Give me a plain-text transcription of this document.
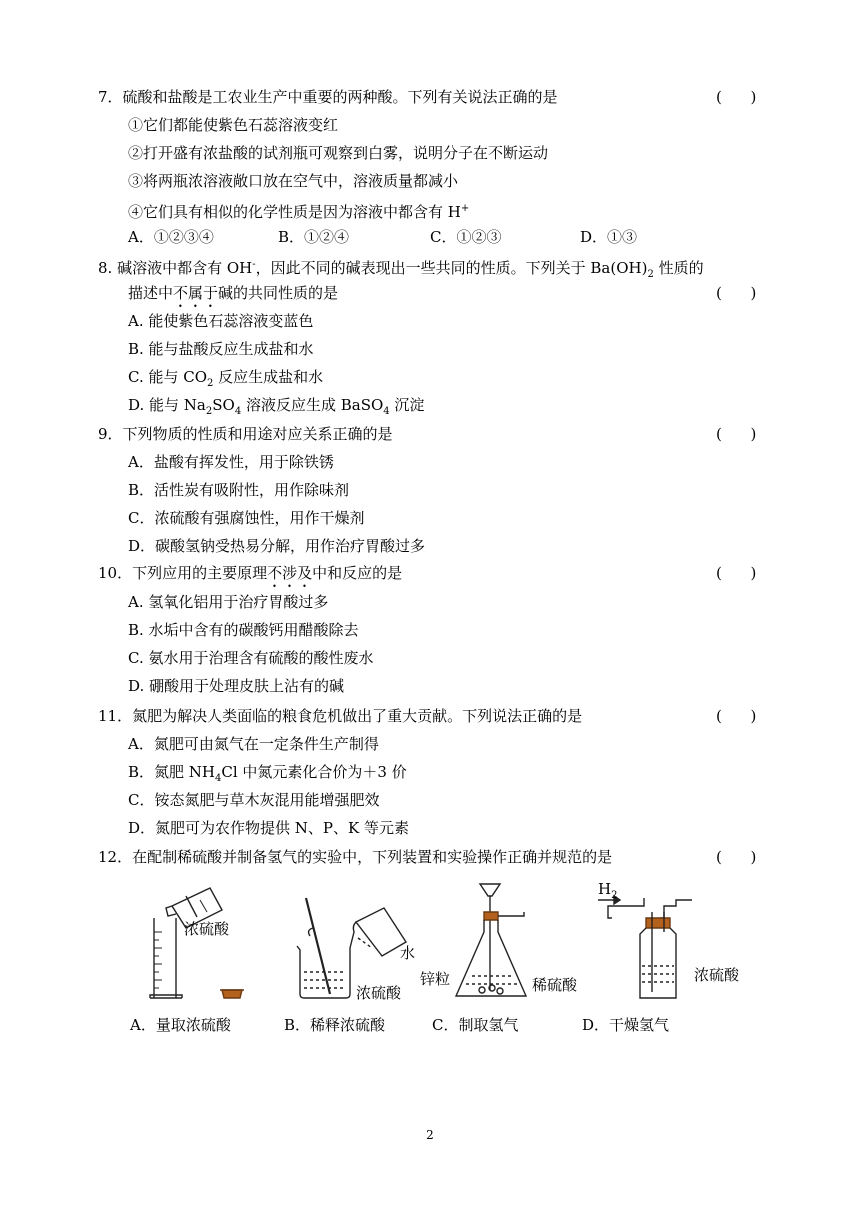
7．硫酸和盐酸是工农业生产中重要的两种酸。下列有关说法正确的是	(      )
①它们都能使紫色石蕊溶液变红
②打开盛有浓盐酸的试剂瓶可观察到白雾，说明分子在不断运动
③将两瓶浓溶液敞口放在空气中，溶液质量都减小
④它们具有相似的化学性质是因为溶液中都含有 H+
A．①②③④	B．①②④	C．①②③	D．①③
8. 碱溶液中都含有 OH-，因此不同的碱表现出一些共同的性质。下列关于 $Ba(OH)_2$ 性质的
描述中不属于碱的共同性质的是	(      )
A. 能使紫色石蕊溶液变蓝色
B. 能与盐酸反应生成盐和水
C. 能与 $CO_2$ 反应生成盐和水
D. 能与 $Na_2SO_4$ 溶液反应生成 BaSO$_4$ 沉淀
9．下列物质的性质和用途对应关系正确的是	(      )
A．盐酸有挥发性，用于除铁锈
B．活性炭有吸附性，用作除味剂
C．浓硫酸有强腐蚀性，用作干燥剂
D．碳酸氢钠受热易分解，用作治疗胃酸过多
10．下列应用的主要原理不涉及中和反应的是	(      )
A. 氢氧化铝用于治疗胃酸过多
B. 水垢中含有的碳酸钙用醋酸除去
C. 氨水用于治理含有硫酸的酸性废水
D. 硼酸用于处理皮肤上沾有的碱
11．氮肥为解决人类面临的粮食危机做出了重大贡献。下列说法正确的是	(      )
A．氮肥可由氮气在一定条件生产制得
B．氮肥 $NH_4Cl$ 中氮元素化合价为＋3 价
C．铵态氮肥与草木灰混用能增强肥效
D．氮肥可为农作物提供 N、P、K 等元素
12．在配制稀硫酸并制备氢气的实验中，下列装置和实验操作正确并规范的是	(      )
浓硫酸
水
浓硫酸
锌粒	稀硫酸
$H_2$
浓硫酸
A．量取浓硫酸	B．稀释浓硫酸	C．制取氢气	D．干燥氢气
2
